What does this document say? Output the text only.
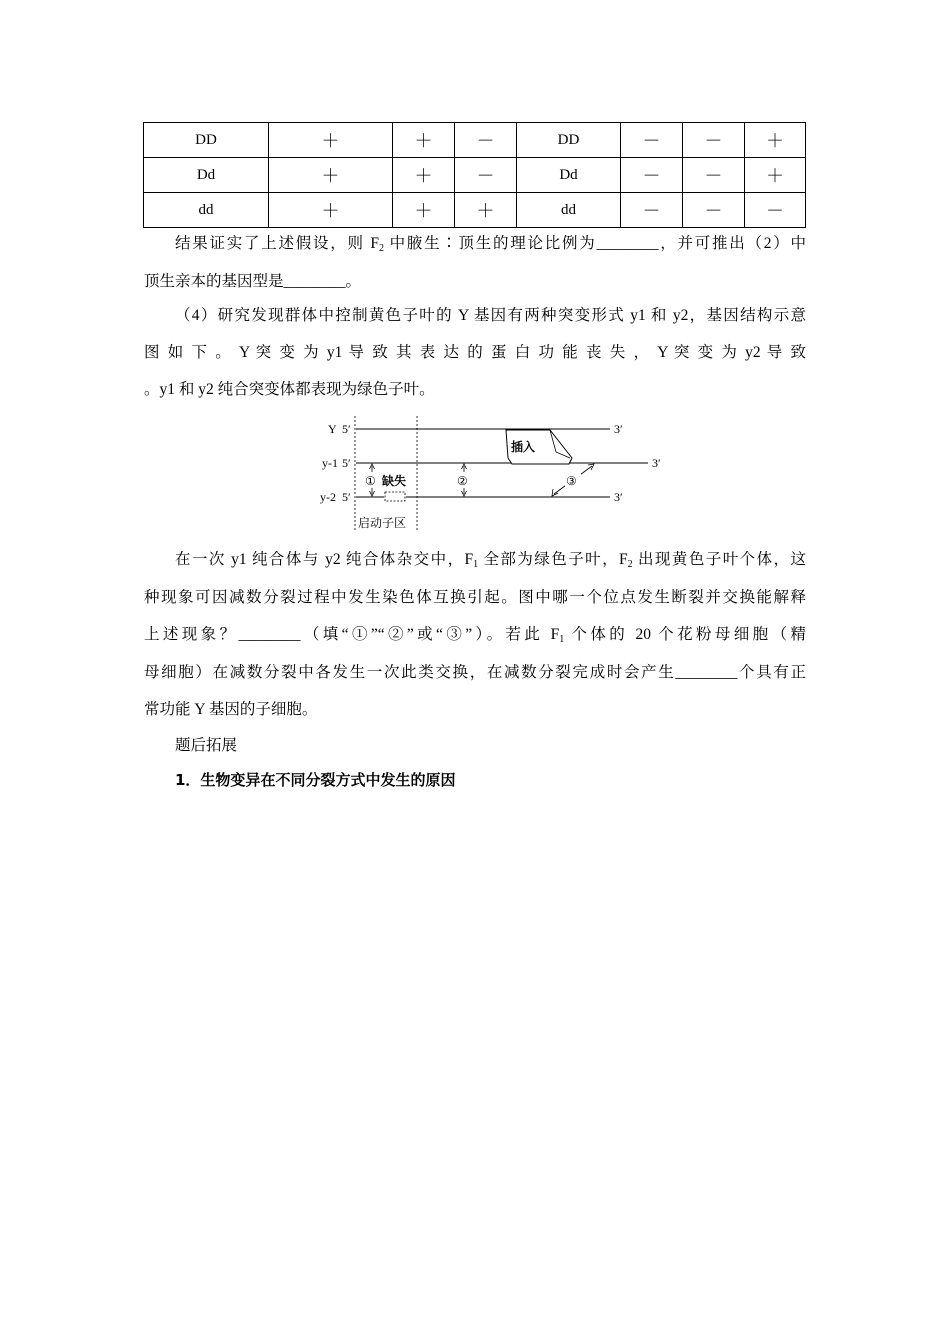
DD	＋	＋	－	DD	－	－	＋
Dd	＋	＋	－	Dd	－	－	＋
dd	＋	＋	＋	dd	－	－	－

结果证实了上述假设，则 $F_2$ 中腋生∶顶生的理论比例为________，并可推出（2）中

顶生亲本的基因型是________。

（4）研究发现群体中控制黄色子叶的 Y 基因有两种突变形式 y1 和 y2，基因结构示意

图 如 下 。 Y 突 变 为 y1 导 致 其 表 达 的 蛋 白 功 能 丧 失 ， Y 突 变 为 y2 导 致

。y1 和 y2 纯合突变体都表现为绿色子叶。

Y 5′	3′
y-1 5′	3′
插入
y-2 5′	3′
① 缺失	②	③
启动子区

在一次 y1 纯合体与 y2 纯合体杂交中，$F_1$ 全部为绿色子叶，$F_2$ 出现黄色子叶个体，这

种现象可因减数分裂过程中发生染色体互换引起。图中哪一个位点发生断裂并交换能解释

上述现象？________（填“①”“②”或“③”）。若此 $F_1$ 个体的 20 个花粉母细胞（精

母细胞）在减数分裂中各发生一次此类交换，在减数分裂完成时会产生________个具有正

常功能 Y 基因的子细胞。

题后拓展

1．生物变异在不同分裂方式中发生的原因
